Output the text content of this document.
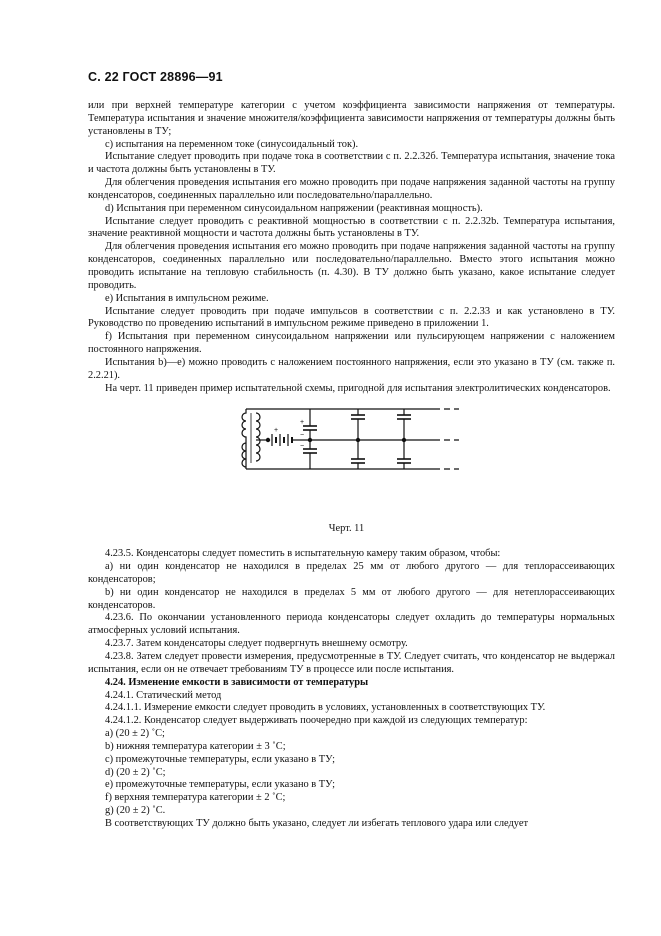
С. 22 ГОСТ 28896—91

или при верхней температуре категории с учетом коэффициента зависимости напряжения от температуры. Температура испытания и значение множителя/коэффициента зависимости напряжения от температуры должны быть установлены в ТУ;

c) испытания на переменном токе (синусоидальный ток).

Испытание следует проводить при подаче тока в соответствии с п. 2.2.32б. Температура испытания, значение тока и частота должны быть установлены в ТУ.

Для облегчения проведения испытания его можно проводить при подаче напряжения заданной частоты на группу конденсаторов, соединенных параллельно или последовательно/параллельно.

d) Испытания при переменном синусоидальном напряжении (реактивная мощность).

Испытание следует проводить с реактивной мощностью в соответствии с п. 2.2.32b. Температура испытания, значение реактивной мощности и частота должны быть установлены в ТУ.

Для облегчения проведения испытания его можно проводить при подаче напряжения заданной частоты на группу конденсаторов, соединенных параллельно или последовательно/параллельно. Вместо этого испытания можно проводить испытание на тепловую стабильность (п. 4.30). В ТУ должно быть указано, какое испытание следует проводить.

e) Испытания в импульсном режиме.

Испытание следует проводить при подаче импульсов в соответствии с п. 2.2.33 и как установлено в ТУ. Руководство по проведению испытаний в импульсном режиме приведено в приложении 1.

f) Испытания при переменном синусоидальном напряжении или пульсирующем напряжении с наложением постоянного напряжения.

Испытания b)—e) можно проводить с наложением постоянного напряжения, если это указано в ТУ (см. также п. 2.2.21).

На черт. 11 приведен пример испытательной схемы, пригодной для испытания электролитических конденсаторов.

+
−
+
−
Черт. 11

4.23.5. Конденсаторы следует поместить в испытательную камеру таким образом, чтобы:

a) ни один конденсатор не находился в пределах 25 мм от любого другого — для теплорассеивающих конденсаторов;

b) ни один конденсатор не находился в пределах 5 мм от любого другого — для нетеплорассеивающих конденсаторов.

4.23.6. По окончании установленного периода конденсаторы следует охладить до температуры нормальных атмосферных условий испытания.

4.23.7. Затем конденсаторы следует подвергнуть внешнему осмотру.

4.23.8. Затем следует провести измерения, предусмотренные в ТУ. Следует считать, что конденсатор не выдержал испытания, если он не отвечает требованиям ТУ в процессе или после испытания.

4.24. Изменение емкости в зависимости от температуры

4.24.1. Статический метод

4.24.1.1. Измерение емкости следует проводить в условиях, установленных в соответствующих ТУ.

4.24.1.2. Конденсатор следует выдерживать поочередно при каждой из следующих температур:

a) (20 ± 2) ˚С;

b) нижняя температура категории ± 3 ˚С;

c) промежуточные температуры, если указано в ТУ;

d) (20 ± 2) ˚С;

e) промежуточные температуры, если указано в ТУ;

f) верхняя температура категории ± 2 ˚С;

g) (20 ± 2) ˚С.

В соответствующих ТУ должно быть указано, следует ли избегать теплового удара или следует
